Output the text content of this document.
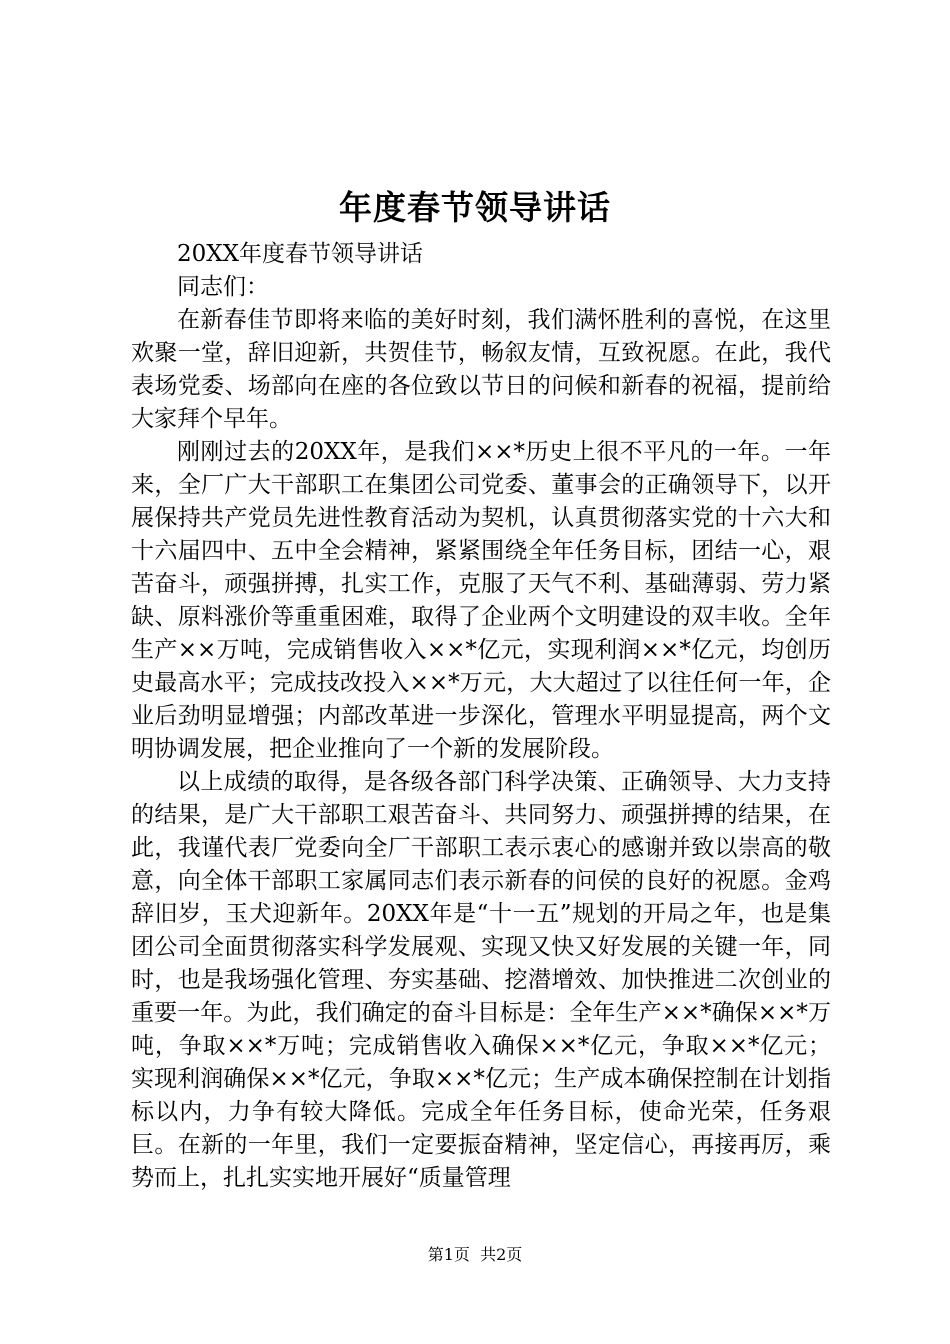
年度春节领导讲话

20XX年度春节领导讲话

同志们：

在新春佳节即将来临的美好时刻，我们满怀胜利的喜悦，在这里欢聚一堂，辞旧迎新，共贺佳节，畅叙友情，互致祝愿。在此，我代表场党委、场部向在座的各位致以节日的问候和新春的祝福，提前给大家拜个早年。

刚刚过去的20XX年，是我们××*历史上很不平凡的一年。一年来，全厂广大干部职工在集团公司党委、董事会的正确领导下，以开展保持共产党员先进性教育活动为契机，认真贯彻落实党的十六大和十六届四中、五中全会精神，紧紧围绕全年任务目标，团结一心，艰苦奋斗，顽强拼搏，扎实工作，克服了天气不利、基础薄弱、劳力紧缺、原料涨价等重重困难，取得了企业两个文明建设的双丰收。全年生产××万吨，完成销售收入××*亿元，实现利润××*亿元，均创历史最高水平；完成技改投入××*万元，大大超过了以往任何一年，企业后劲明显增强；内部改革进一步深化，管理水平明显提高，两个文明协调发展，把企业推向了一个新的发展阶段。

以上成绩的取得，是各级各部门科学决策、正确领导、大力支持的结果，是广大干部职工艰苦奋斗、共同努力、顽强拼搏的结果，在此，我谨代表厂党委向全厂干部职工表示衷心的感谢并致以崇高的敬意，向全体干部职工家属同志们表示新春的问侯的良好的祝愿。金鸡辞旧岁，玉犬迎新年。20XX年是“十一五”规划的开局之年，也是集团公司全面贯彻落实科学发展观、实现又快又好发展的关键一年，同时，也是我场强化管理、夯实基础、挖潜增效、加快推进二次创业的重要一年。为此，我们确定的奋斗目标是：全年生产××*确保××*万吨，争取××*万吨；完成销售收入确保××*亿元，争取××*亿元；实现利润确保××*亿元，争取××*亿元；生产成本确保控制在计划指标以内，力争有较大降低。完成全年任务目标，使命光荣，任务艰巨。在新的一年里，我们一定要振奋精神，坚定信心，再接再厉，乘势而上，扎扎实实地开展好“质量管理

第1页  共2页
